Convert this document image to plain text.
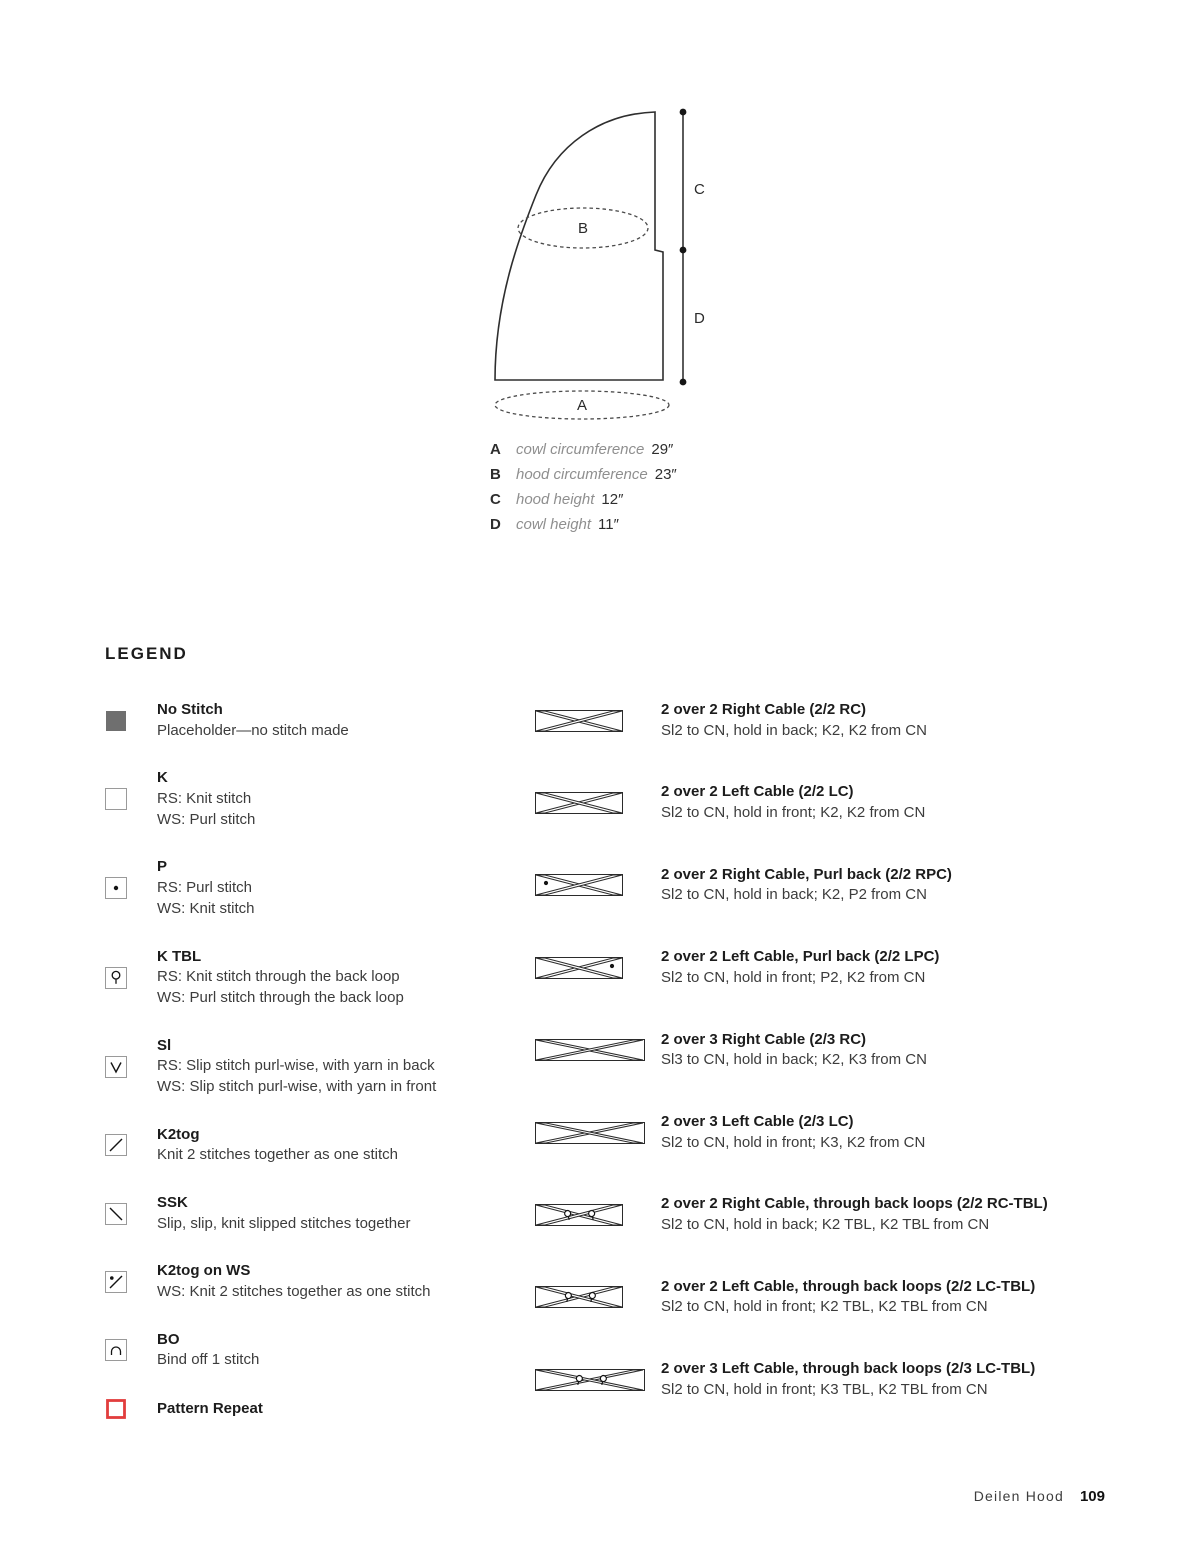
B
A
C
D
A	cowl circumference 29″
B	hood circumference 23″
C	hood height 12″
D	cowl height 11″
LEGEND
No Stitch
Placeholder—no stitch made
K
RS: Knit stitch
WS: Purl stitch
P
RS: Purl stitch
WS: Knit stitch
K TBL
RS: Knit stitch through the back loop
WS: Purl stitch through the back loop
Sl
RS: Slip stitch purl-wise, with yarn in back
WS: Slip stitch purl-wise, with yarn in front
K2tog
Knit 2 stitches together as one stitch
SSK
Slip, slip, knit slipped stitches together
K2tog on WS
WS: Knit 2 stitches together as one stitch
BO
Bind off 1 stitch
Pattern Repeat
2 over 2 Right Cable (2/2 RC)
Sl2 to CN, hold in back; K2, K2 from CN
2 over 2 Left Cable (2/2 LC)
Sl2 to CN, hold in front; K2, K2 from CN
2 over 2 Right Cable, Purl back (2/2 RPC)
Sl2 to CN, hold in back; K2, P2 from CN
2 over 2 Left Cable, Purl back (2/2 LPC)
Sl2 to CN, hold in front; P2, K2 from CN
2 over 3 Right Cable (2/3 RC)
Sl3 to CN, hold in back; K2, K3 from CN
2 over 3 Left Cable (2/3 LC)
Sl2 to CN, hold in front; K3, K2 from CN
2 over 2 Right Cable, through back loops (2/2 RC-TBL)
Sl2 to CN, hold in back; K2 TBL, K2 TBL from CN
2 over 2 Left Cable, through back loops (2/2 LC-TBL)
Sl2 to CN, hold in front; K2 TBL, K2 TBL from CN
2 over 3 Left Cable, through back loops (2/3 LC-TBL)
Sl2 to CN, hold in front; K3 TBL, K2 TBL from CN
Deilen Hood 109
